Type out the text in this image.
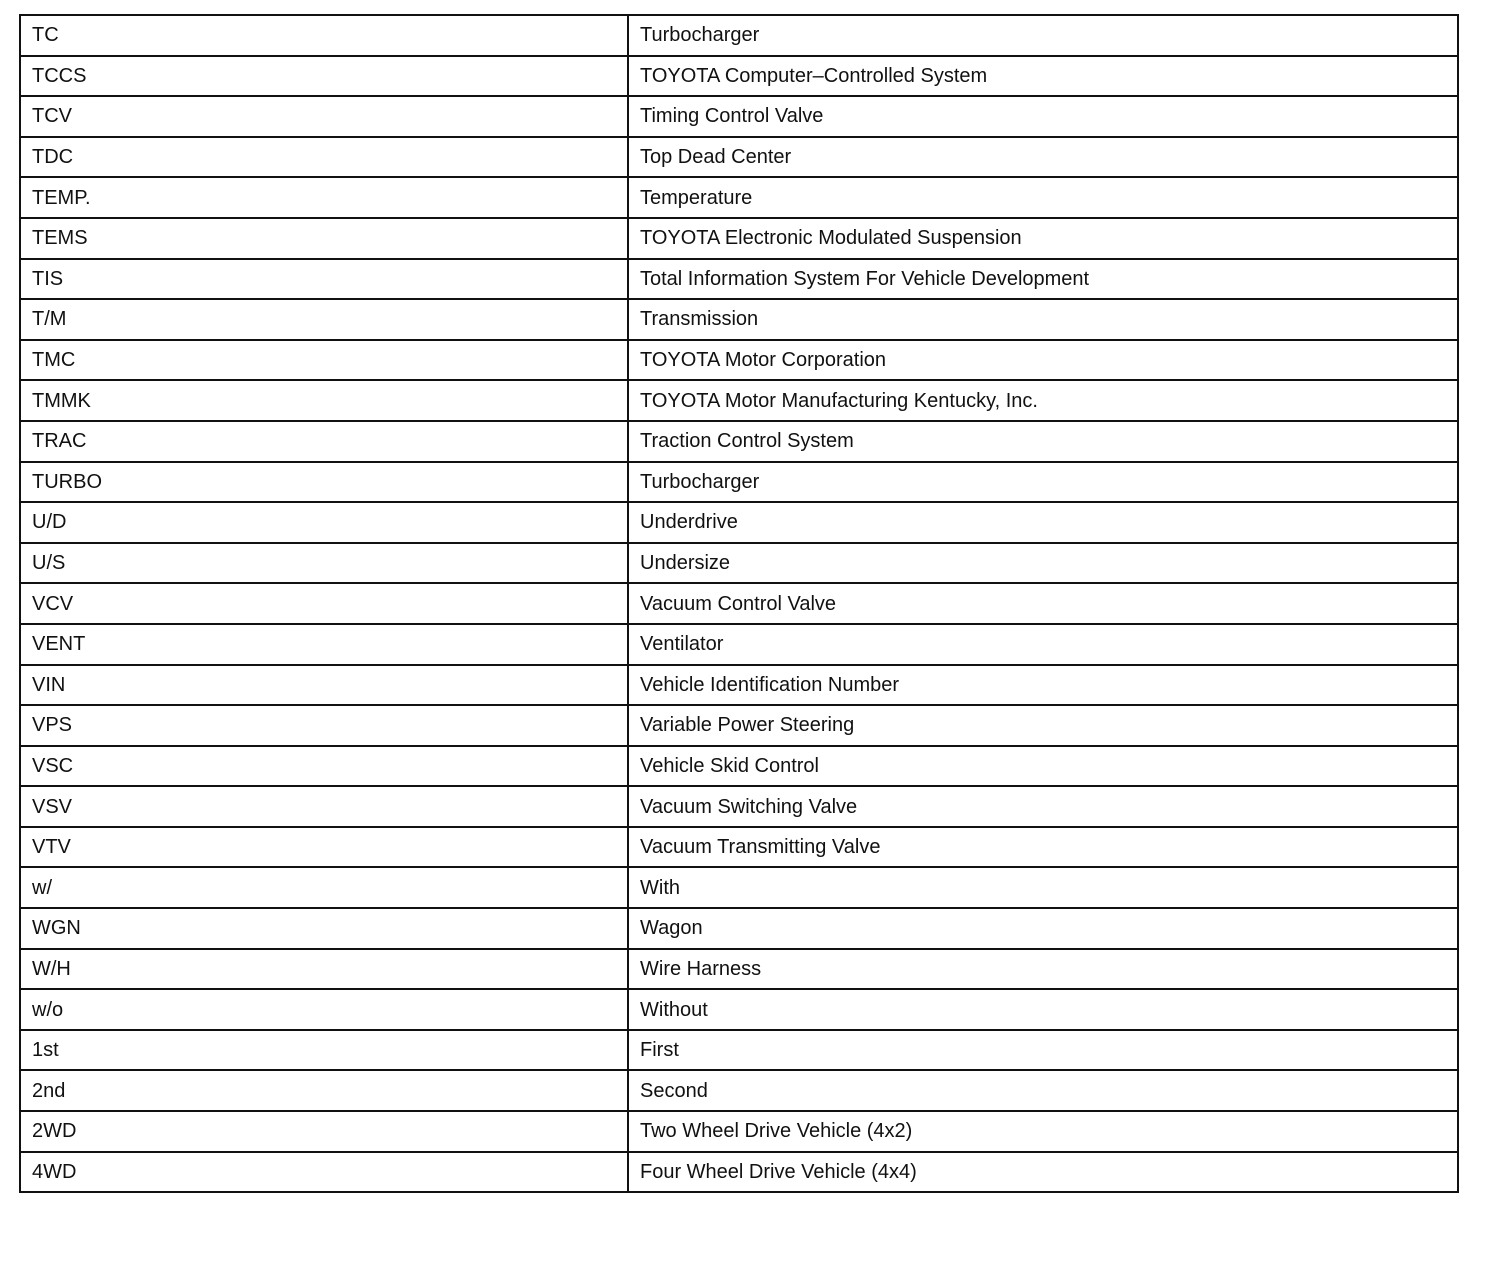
TC	Turbocharger
TCCS	TOYOTA Computer–Controlled System
TCV	Timing Control Valve
TDC	Top Dead Center
TEMP.	Temperature
TEMS	TOYOTA Electronic Modulated Suspension
TIS	Total Information System For Vehicle Development
T/M	Transmission
TMC	TOYOTA Motor Corporation
TMMK	TOYOTA Motor Manufacturing Kentucky, Inc.
TRAC	Traction Control System
TURBO	Turbocharger
U/D	Underdrive
U/S	Undersize
VCV	Vacuum Control Valve
VENT	Ventilator
VIN	Vehicle Identification Number
VPS	Variable Power Steering
VSC	Vehicle Skid Control
VSV	Vacuum Switching Valve
VTV	Vacuum Transmitting Valve
w/	With
WGN	Wagon
W/H	Wire Harness
w/o	Without
1st	First
2nd	Second
2WD	Two Wheel Drive Vehicle (4x2)
4WD	Four Wheel Drive Vehicle (4x4)
